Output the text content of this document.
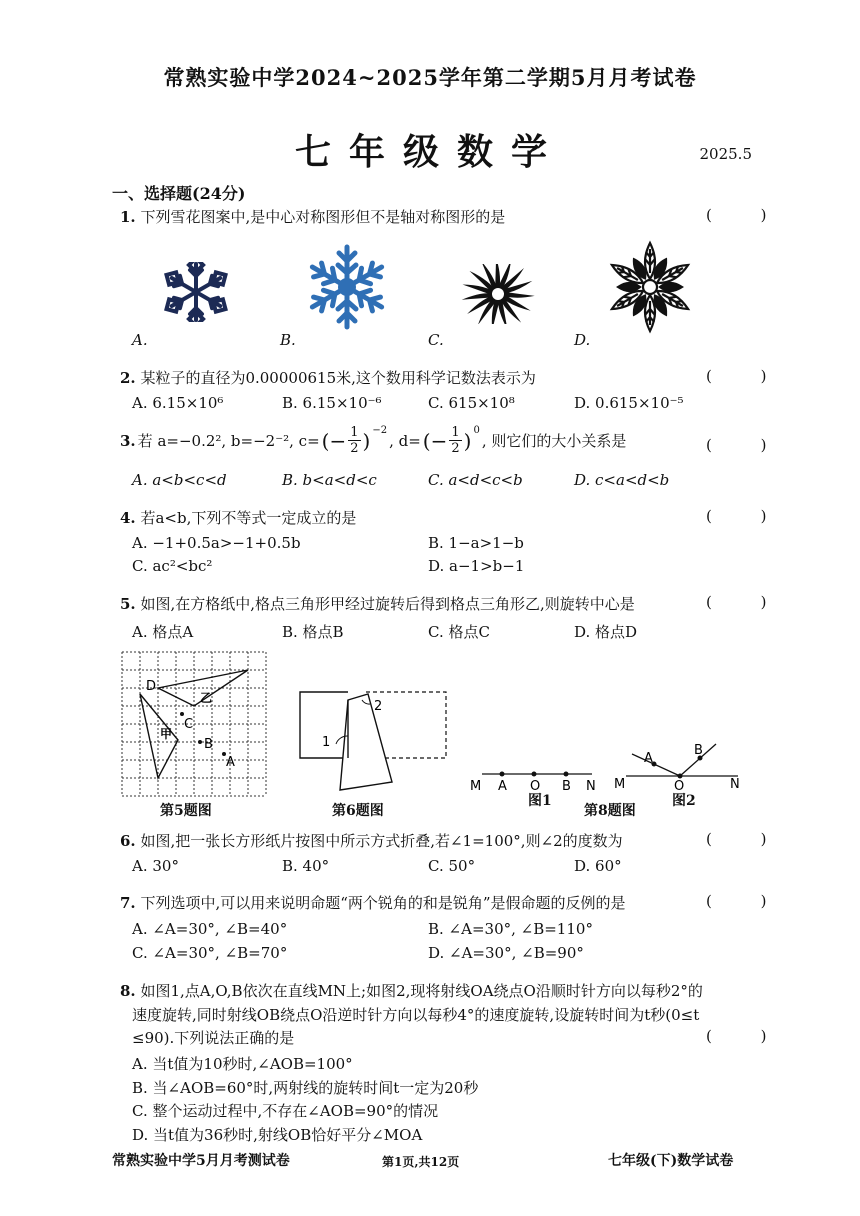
常熟实验中学2024~2025学年第二学期5月月考试卷
七年级数学	2025.5
一、选择题(24分)
1. 下列雪花图案中,是中心对称图形但不是轴对称图形的是	( )
A.	B.	C.	D.
2. 某粒子的直径为0.00000615米,这个数用科学记数法表示为	( )
A. 6.15×10⁶	B. 6.15×10⁻⁶	C. 615×10⁸	D. 0.615×10⁻⁵
3. 若 a=−0.2², b=−2⁻², c= (− $\frac{1}{2} )^{-2}$
, d= (− $\frac{1}{2} )^0$
, 则它们的大小关系是	( )
A. a<b<c<d	B. b<a<d<c	C. a<d<c<b	D. c<a<d<b
4. 若a<b,下列不等式一定成立的是	( )
A. −1+0.5a>−1+0.5b	B. 1−a>1−b
C. ac²<bc²	D. a−1>b−1
5. 如图,在方格纸中,格点三角形甲经过旋转后得到格点三角形乙,则旋转中心是	( )
A. 格点A	B. 格点B	C. 格点C	D. 格点D
D
C
B
A
乙
甲
第5题图
1
2
第6题图
M A O B N
图1
M
A
O
B
N
图2
第8题图
6. 如图,把一张长方形纸片按图中所示方式折叠,若∠1=100°,则∠2的度数为	( )
A. 30°	B. 40°	C. 50°	D. 60°
7. 下列选项中,可以用来说明命题“两个锐角的和是锐角”是假命题的反例的是	( )
A. ∠A=30°, ∠B=40°	B. ∠A=30°, ∠B=110°
C. ∠A=30°, ∠B=70°	D. ∠A=30°, ∠B=90°
8. 如图1,点A,O,B依次在直线MN上;如图2,现将射线OA绕点O沿顺时针方向以每秒2°的
速度旋转,同时射线OB绕点O沿逆时针方向以每秒4°的速度旋转,设旋转时间为t秒(0≤t
≤90).下列说法正确的是	( )
A. 当t值为10秒时,∠AOB=100°
B. 当∠AOB=60°时,两射线的旋转时间t一定为20秒
C. 整个运动过程中,不存在∠AOB=90°的情况
D. 当t值为36秒时,射线OB恰好平分∠MOA
常熟实验中学5月月考测试卷	第1页,共12页	七年级(下)数学试卷
